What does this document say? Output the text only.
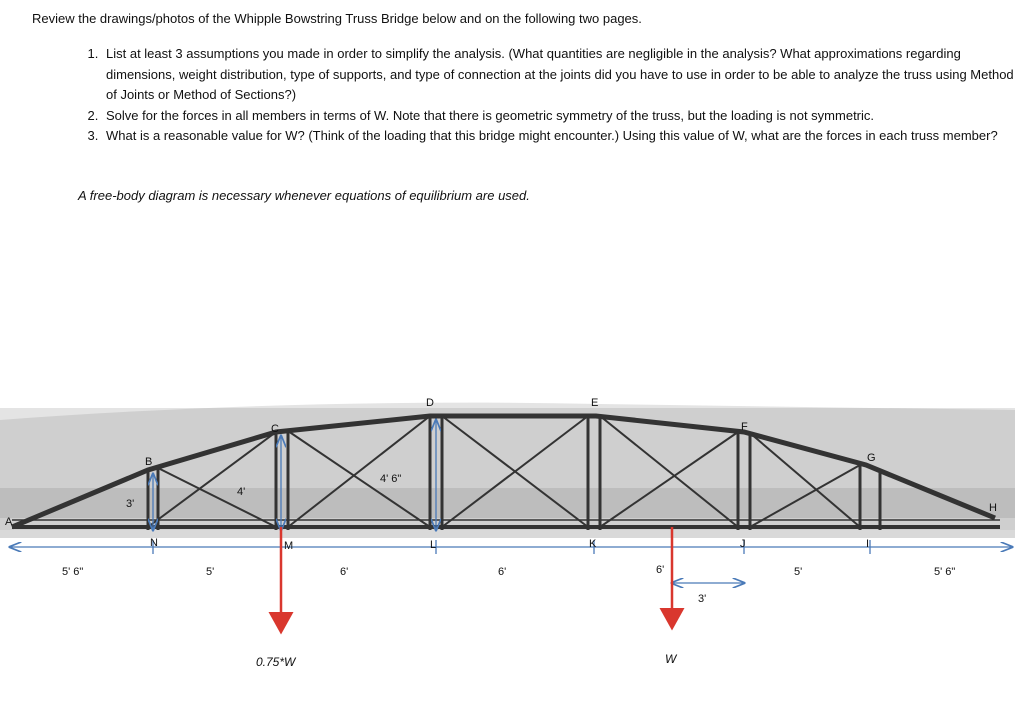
Review the drawings/photos of the Whipple Bowstring Truss Bridge below and on the following two pages.
1. List at least 3 assumptions you made in order to simplify the analysis. (What quantities are negligible in the analysis? What approximations regarding dimensions, weight distribution, type of supports, and type of connection at the joints did you have to use in order to be able to analyze the truss using Method of Joints or Method of Sections?)
2. Solve for the forces in all members in terms of W. Note that there is geometric symmetry of the truss, but the loading is not symmetric.
3. What is a reasonable value for W? (Think of the loading that this bridge might encounter.) Using this value of W, what are the forces in each truss member?
A free-body diagram is necessary whenever equations of equilibrium are used.
A
B
C
D	E
F
G
H
N	M	L	K	J	I
3'
4'
4' 6"
5' 6"	5'	6'	6'	6'	5'	5' 6"
3'
0.75*W	W
